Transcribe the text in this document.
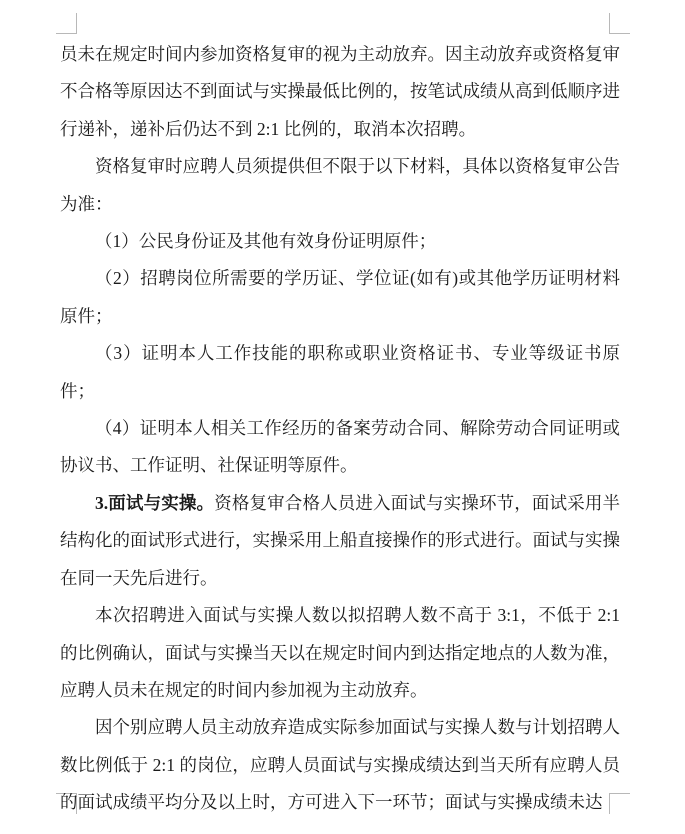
员未在规定时间内参加资格复审的视为主动放弃。因主动放弃或资格复审不合格等原因达不到面试与实操最低比例的，按笔试成绩从高到低顺序进行递补，递补后仍达不到 2:1 比例的，取消本次招聘。

资格复审时应聘人员须提供但不限于以下材料，具体以资格复审公告为准：

（1）公民身份证及其他有效身份证明原件；

（2）招聘岗位所需要的学历证、学位证(如有)或其他学历证明材料原件；

（3）证明本人工作技能的职称或职业资格证书、专业等级证书原件；

（4）证明本人相关工作经历的备案劳动合同、解除劳动合同证明或协议书、工作证明、社保证明等原件。

3.面试与实操。资格复审合格人员进入面试与实操环节，面试采用半结构化的面试形式进行，实操采用上船直接操作的形式进行。面试与实操在同一天先后进行。

本次招聘进入面试与实操人数以拟招聘人数不高于 3:1，不低于 2:1 的比例确认，面试与实操当天以在规定时间内到达指定地点的人数为准，应聘人员未在规定的时间内参加视为主动放弃。

因个别应聘人员主动放弃造成实际参加面试与实操人数与计划招聘人数比例低于 2:1 的岗位，应聘人员面试与实操成绩达到当天所有应聘人员的面试成绩平均分及以上时，方可进入下一环节；面试与实操成绩未达
